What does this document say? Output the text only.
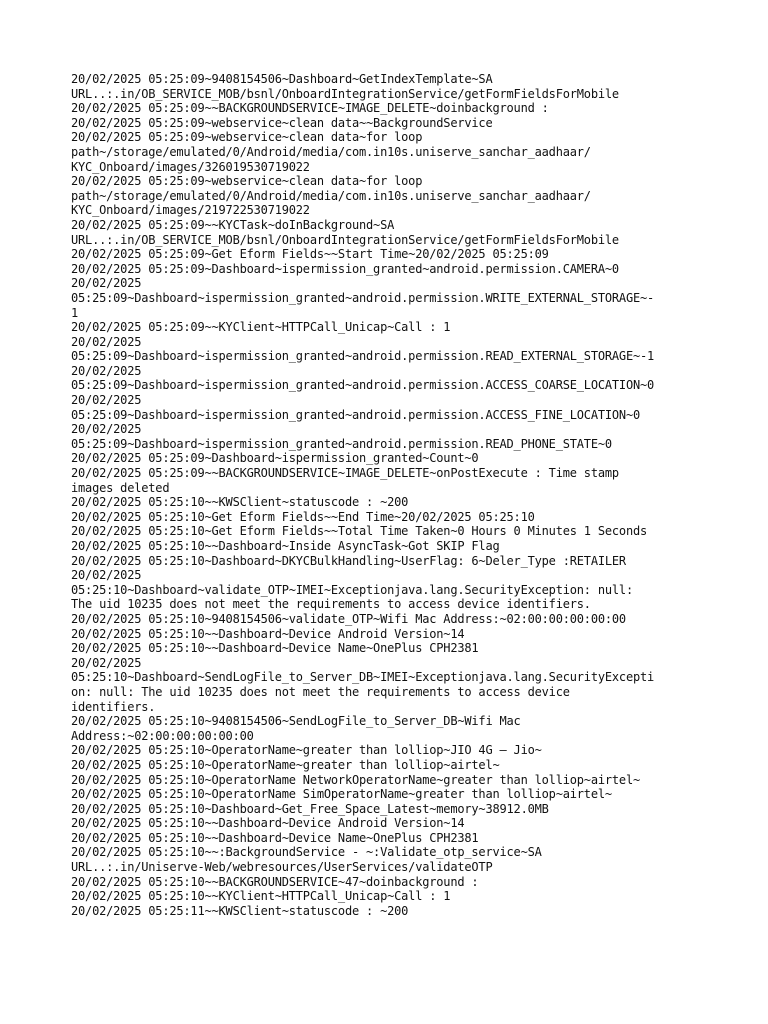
20/02/2025 05:25:09~9408154506~Dashboard~GetIndexTemplate~SA
URL..:.in/OB_SERVICE_MOB/bsnl/OnboardIntegrationService/getFormFieldsForMobile
20/02/2025 05:25:09~~BACKGROUNDSERVICE~IMAGE_DELETE~doinbackground :
20/02/2025 05:25:09~webservice~clean data~~BackgroundService
20/02/2025 05:25:09~webservice~clean data~for loop
path~/storage/emulated/0/Android/media/com.in10s.uniserve_sanchar_aadhaar/
KYC_Onboard/images/326019530719022
20/02/2025 05:25:09~webservice~clean data~for loop
path~/storage/emulated/0/Android/media/com.in10s.uniserve_sanchar_aadhaar/
KYC_Onboard/images/219722530719022
20/02/2025 05:25:09~~KYCTask~doInBackground~SA
URL..:.in/OB_SERVICE_MOB/bsnl/OnboardIntegrationService/getFormFieldsForMobile
20/02/2025 05:25:09~Get Eform Fields~~Start Time~20/02/2025 05:25:09
20/02/2025 05:25:09~Dashboard~ispermission_granted~android.permission.CAMERA~0
20/02/2025
05:25:09~Dashboard~ispermission_granted~android.permission.WRITE_EXTERNAL_STORAGE~-
1
20/02/2025 05:25:09~~KYClient~HTTPCall_Unicap~Call : 1
20/02/2025
05:25:09~Dashboard~ispermission_granted~android.permission.READ_EXTERNAL_STORAGE~-1
20/02/2025
05:25:09~Dashboard~ispermission_granted~android.permission.ACCESS_COARSE_LOCATION~0
20/02/2025
05:25:09~Dashboard~ispermission_granted~android.permission.ACCESS_FINE_LOCATION~0
20/02/2025
05:25:09~Dashboard~ispermission_granted~android.permission.READ_PHONE_STATE~0
20/02/2025 05:25:09~Dashboard~ispermission_granted~Count~0
20/02/2025 05:25:09~~BACKGROUNDSERVICE~IMAGE_DELETE~onPostExecute : Time stamp
images deleted
20/02/2025 05:25:10~~KWSClient~statuscode : ~200
20/02/2025 05:25:10~Get Eform Fields~~End Time~20/02/2025 05:25:10
20/02/2025 05:25:10~Get Eform Fields~~Total Time Taken~0 Hours 0 Minutes 1 Seconds
20/02/2025 05:25:10~~Dashboard~Inside AsyncTask~Got SKIP Flag
20/02/2025 05:25:10~Dashboard~DKYCBulkHandling~UserFlag: 6~Deler_Type :RETAILER
20/02/2025
05:25:10~Dashboard~validate_OTP~IMEI~Exceptionjava.lang.SecurityException: null:
The uid 10235 does not meet the requirements to access device identifiers.
20/02/2025 05:25:10~9408154506~validate_OTP~Wifi Mac Address:~02:00:00:00:00:00
20/02/2025 05:25:10~~Dashboard~Device Android Version~14
20/02/2025 05:25:10~~Dashboard~Device Name~OnePlus CPH2381
20/02/2025
05:25:10~Dashboard~SendLogFile_to_Server_DB~IMEI~Exceptionjava.lang.SecurityExcepti
on: null: The uid 10235 does not meet the requirements to access device
identifiers.
20/02/2025 05:25:10~9408154506~SendLogFile_to_Server_DB~Wifi Mac
Address:~02:00:00:00:00:00
20/02/2025 05:25:10~OperatorName~greater than lolliop~JIO 4G — Jio~
20/02/2025 05:25:10~OperatorName~greater than lolliop~airtel~
20/02/2025 05:25:10~OperatorName NetworkOperatorName~greater than lolliop~airtel~
20/02/2025 05:25:10~OperatorName SimOperatorName~greater than lolliop~airtel~
20/02/2025 05:25:10~Dashboard~Get_Free_Space_Latest~memory~38912.0MB
20/02/2025 05:25:10~~Dashboard~Device Android Version~14
20/02/2025 05:25:10~~Dashboard~Device Name~OnePlus CPH2381
20/02/2025 05:25:10~~:BackgroundService - ~:Validate_otp_service~SA
URL..:.in/Uniserve-Web/webresources/UserServices/validateOTP
20/02/2025 05:25:10~~BACKGROUNDSERVICE~47~doinbackground :
20/02/2025 05:25:10~~KYClient~HTTPCall_Unicap~Call : 1
20/02/2025 05:25:11~~KWSClient~statuscode : ~200
